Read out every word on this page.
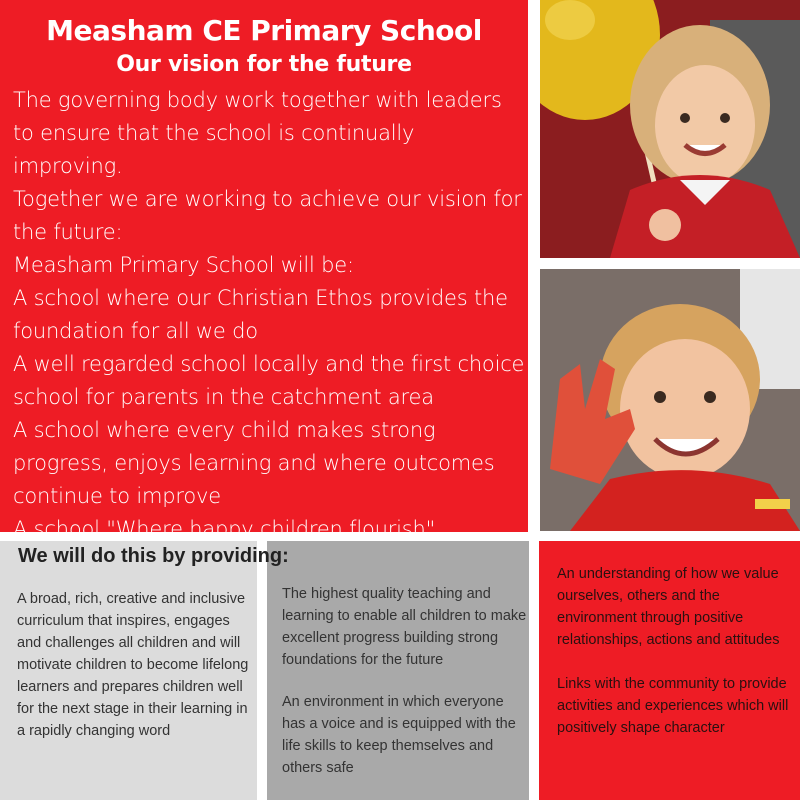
Measham CE Primary School
Our vision for the future

The governing body work together with leaders to ensure that the school is continually improving.

Together we are working to achieve our vision for the future:

Measham Primary School will be:

A school where our Christian Ethos provides the foundation for all we do

A well regarded school locally and the first choice school for parents in the catchment area

A school where every child makes strong progress, enjoys learning and where outcomes continue to improve

A school "Where happy children flourish"

A broad, rich, creative and inclusive curriculum that inspires, engages and challenges all children and will motivate children to become lifelong learners and prepares children well for the next stage in their learning in a rapidly changing word

The highest quality teaching and learning to enable all children to make excellent progress building strong foundations for the future

An environment in which everyone has a voice and is equipped with the life skills to keep themselves and others safe

An understanding of how we value ourselves, others and the environment through positive relationships, actions and attitudes

Links with the community to provide activities and experiences which will positively shape character

We will do this by providing:
